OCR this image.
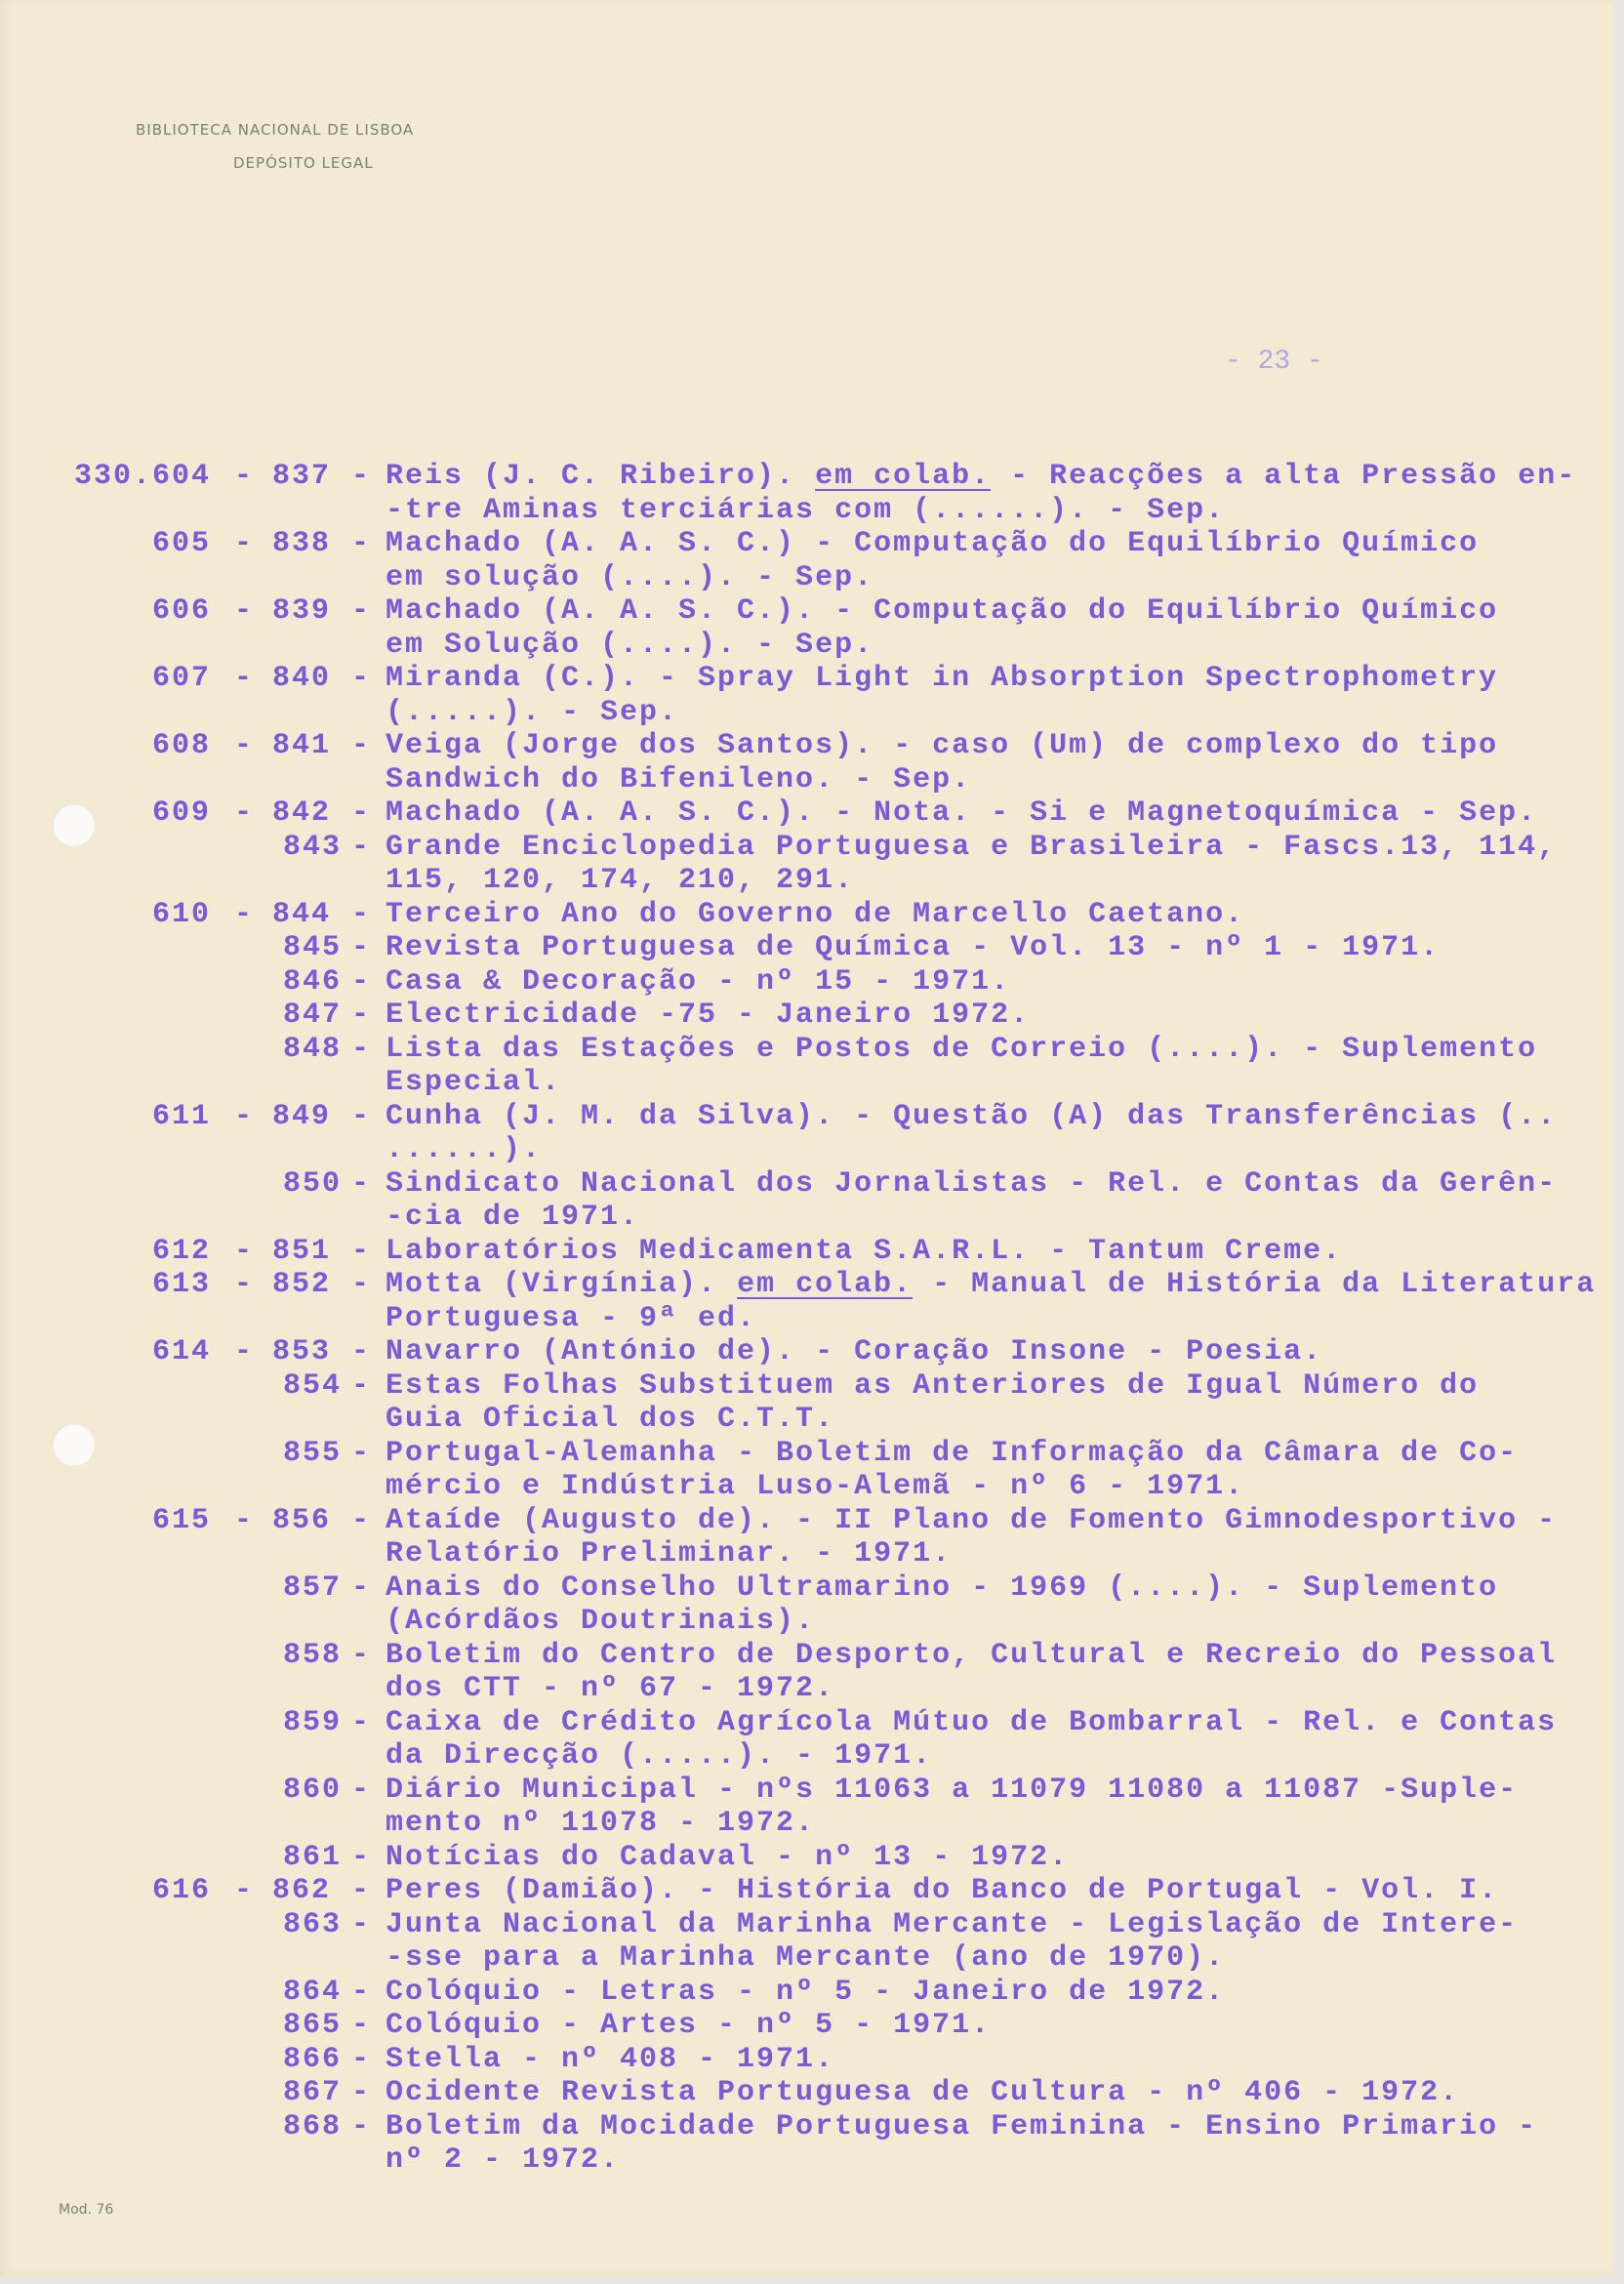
BIBLIOTECA NACIONAL DE LISBOA
DEPÓSITO LEGAL
- 23 -
330.604 - 837 - Reis (J. C. Ribeiro). em colab. - Reacções a alta Pressão en-
-tre Aminas terciárias com (......). - Sep.
605 - 838 - Machado (A. A. S. C.) - Computação do Equilíbrio Químico
em solução (....). - Sep.
606 - 839 - Machado (A. A. S. C.). - Computação do Equilíbrio Químico
em Solução (....). - Sep.
607 - 840 - Miranda (C.). - Spray Light in Absorption Spectrophometry
(.....). - Sep.
608 - 841 - Veiga (Jorge dos Santos). - caso (Um) de complexo do tipo
Sandwich do Bifenileno. - Sep.
609 - 842 - Machado (A. A. S. C.). - Nota. - Si e Magnetoquímica - Sep.
843 - Grande Enciclopedia Portuguesa e Brasileira - Fascs.13, 114,
115, 120, 174, 210, 291.
610 - 844 - Terceiro Ano do Governo de Marcello Caetano.
845 - Revista Portuguesa de Química - Vol. 13 - nº 1 - 1971.
846 - Casa & Decoração - nº 15 - 1971.
847 - Electricidade -75 - Janeiro 1972.
848 - Lista das Estações e Postos de Correio (....). - Suplemento
Especial.
611 - 849 - Cunha (J. M. da Silva). - Questão (A) das Transferências (..
......).
850 - Sindicato Nacional dos Jornalistas - Rel. e Contas da Gerên-
-cia de 1971.
612 - 851 - Laboratórios Medicamenta S.A.R.L. - Tantum Creme.
613 - 852 - Motta (Virgínia). em colab. - Manual de História da Literatura
Portuguesa - 9ª ed.
614 - 853 - Navarro (António de). - Coração Insone - Poesia.
854 - Estas Folhas Substituem as Anteriores de Igual Número do
Guia Oficial dos C.T.T.
855 - Portugal-Alemanha - Boletim de Informação da Câmara de Co-
mércio e Indústria Luso-Alemã - nº 6 - 1971.
615 - 856 - Ataíde (Augusto de). - II Plano de Fomento Gimnodesportivo -
Relatório Preliminar. - 1971.
857 - Anais do Conselho Ultramarino - 1969 (....). - Suplemento
(Acórdãos Doutrinais).
858 - Boletim do Centro de Desporto, Cultural e Recreio do Pessoal
dos CTT - nº 67 - 1972.
859 - Caixa de Crédito Agrícola Mútuo de Bombarral - Rel. e Contas
da Direcção (.....). - 1971.
860 - Diário Municipal - nºs 11063 a 11079 11080 a 11087 -Suple-
mento nº 11078 - 1972.
861 - Notícias do Cadaval - nº 13 - 1972.
616 - 862 - Peres (Damião). - História do Banco de Portugal - Vol. I.
863 - Junta Nacional da Marinha Mercante - Legislação de Intere-
-sse para a Marinha Mercante (ano de 1970).
864 - Colóquio - Letras - nº 5 - Janeiro de 1972.
865 - Colóquio - Artes - nº 5 - 1971.
866 - Stella - nº 408 - 1971.
867 - Ocidente Revista Portuguesa de Cultura - nº 406 - 1972.
868 - Boletim da Mocidade Portuguesa Feminina - Ensino Primario -
nº 2 - 1972.
Mod. 76
